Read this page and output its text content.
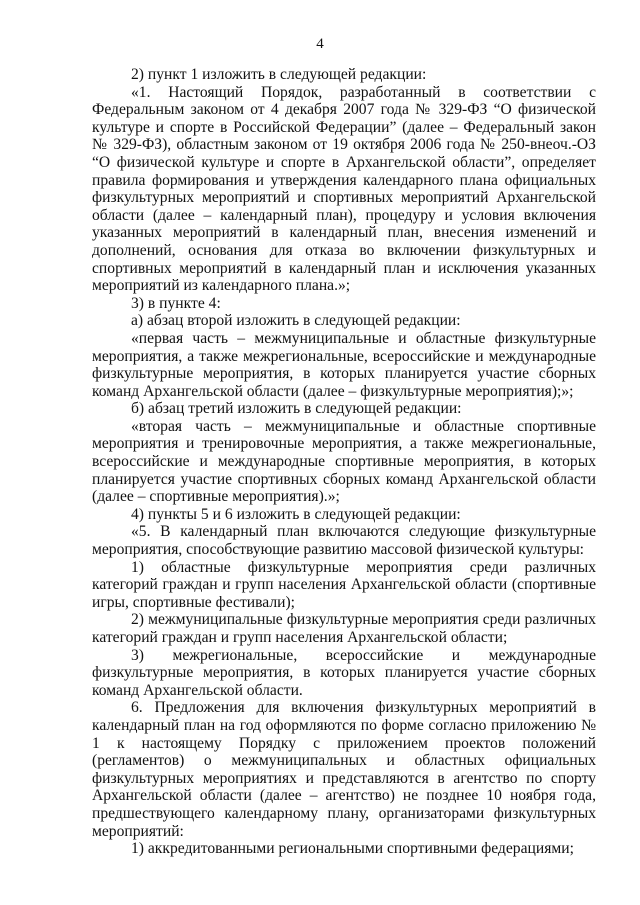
4

2) пункт 1 изложить в следующей редакции:

«1. Настоящий Порядок, разработанный в соответствии с Федеральным законом от 4 декабря 2007 года № 329-ФЗ “О физической культуре и спорте в Российской Федерации” (далее – Федеральный закон № 329-ФЗ), областным законом от 19 октября 2006 года № 250-внеоч.-ОЗ “О физической культуре и спорте в Архангельской области”, определяет правила формирования и утверждения календарного плана официальных физкультурных мероприятий и спортивных мероприятий Архангельской области (далее – календарный план), процедуру и условия включения указанных мероприятий в календарный план, внесения изменений и дополнений, основания для отказа во включении физкультурных и спортивных мероприятий в календарный план и исключения указанных мероприятий из календарного плана.»;

3) в пункте 4:

а) абзац второй изложить в следующей редакции:

«первая часть – межмуниципальные и областные физкультурные мероприятия, а также межрегиональные, всероссийские и международные физкультурные мероприятия, в которых планируется участие сборных команд Архангельской области (далее – физкультурные мероприятия);»;

б) абзац третий изложить в следующей редакции:

«вторая часть – межмуниципальные и областные спортивные мероприятия и тренировочные мероприятия, а также межрегиональные, всероссийские и международные спортивные мероприятия, в которых планируется участие спортивных сборных команд Архангельской области (далее – спортивные мероприятия).»;

4) пункты 5 и 6 изложить в следующей редакции:

«5. В календарный план включаются следующие физкультурные мероприятия, способствующие развитию массовой физической культуры:

1) областные физкультурные мероприятия среди различных категорий граждан и групп населения Архангельской области (спортивные игры, спортивные фестивали);

2) межмуниципальные физкультурные мероприятия среди различных категорий граждан и групп населения Архангельской области;

3) межрегиональные, всероссийские и международные физкультурные мероприятия, в которых планируется участие сборных команд Архангельской области.

6. Предложения для включения физкультурных мероприятий в календарный план на год оформляются по форме согласно приложению № 1 к настоящему Порядку с приложением проектов положений (регламентов) о межмуниципальных и областных официальных физкультурных мероприятиях и представляются в агентство по спорту Архангельской области (далее – агентство) не позднее 10 ноября года, предшествующего календарному плану, организаторами физкультурных мероприятий:

1) аккредитованными региональными спортивными федерациями;
